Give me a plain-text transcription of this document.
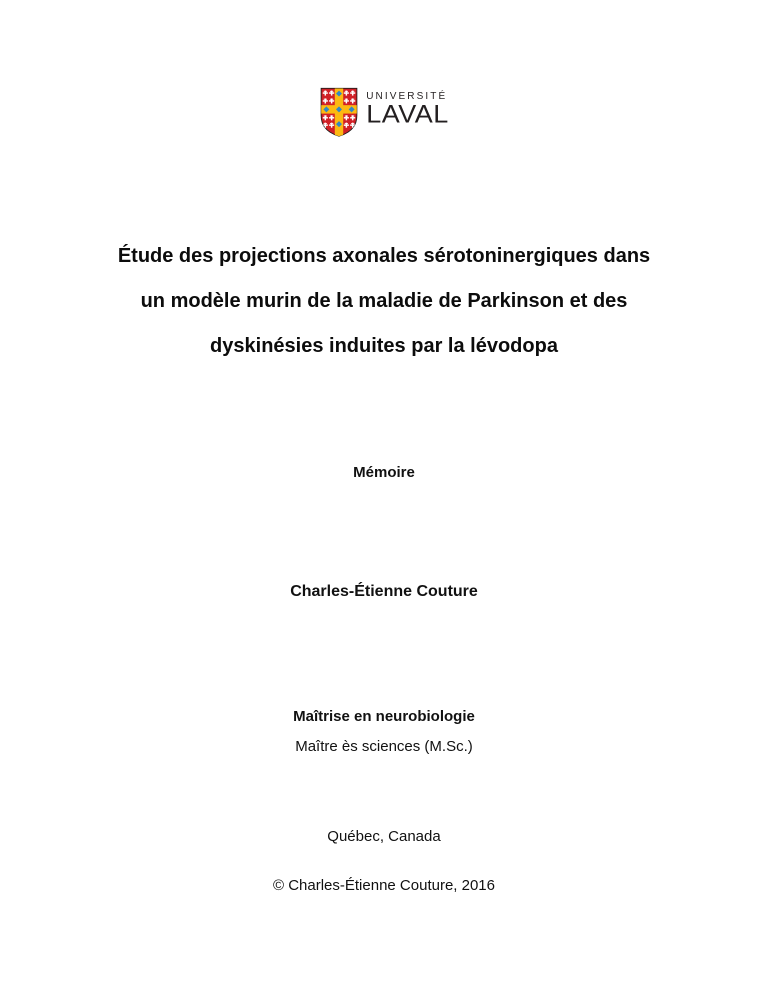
UNIVERSITÉ
LAVAL
Étude des projections axonales sérotoninergiques dans
un modèle murin de la maladie de Parkinson et des
dyskinésies induites par la lévodopa
Mémoire
Charles-Étienne Couture
Maîtrise en neurobiologie
Maître ès sciences (M.Sc.)
Québec, Canada
© Charles-Étienne Couture, 2016
